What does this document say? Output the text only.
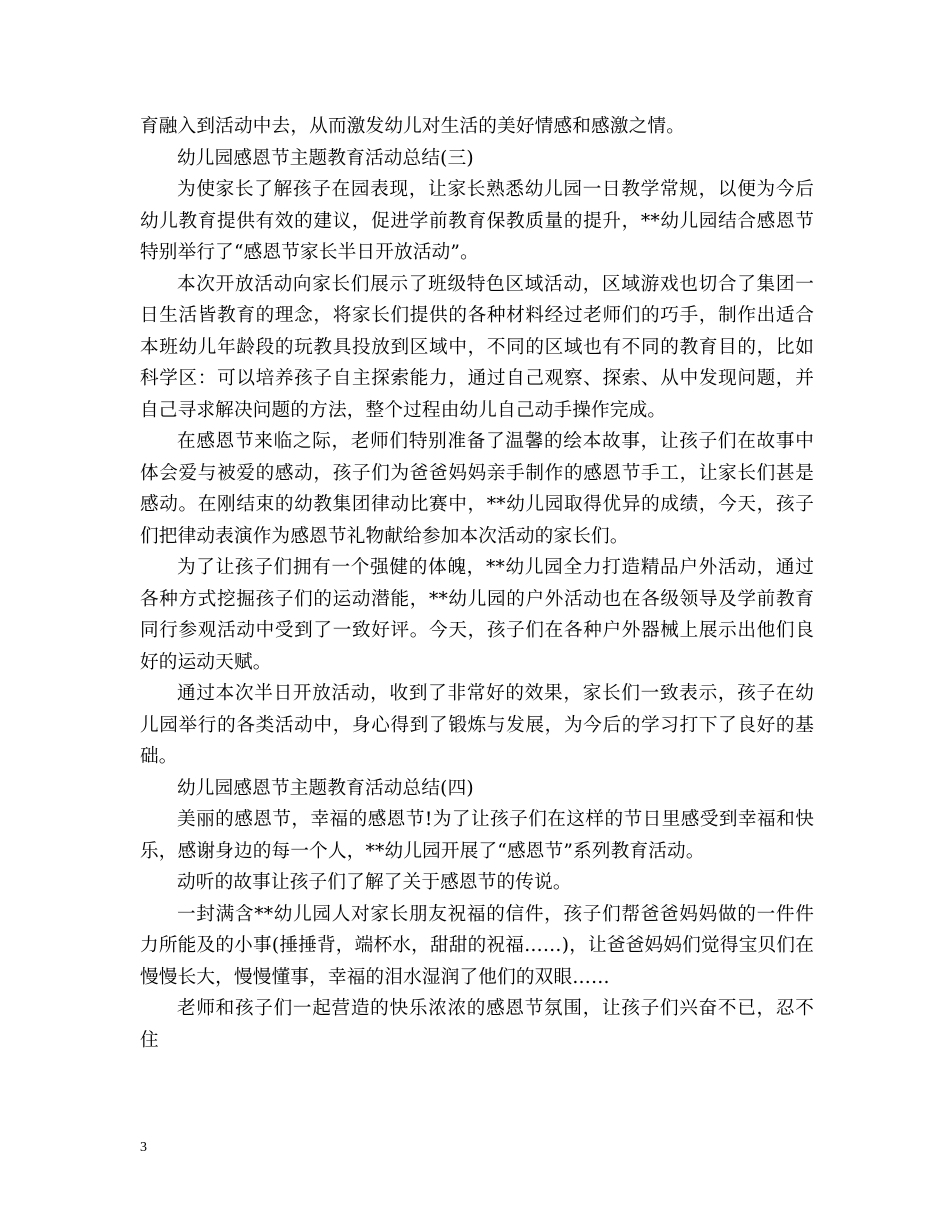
育融入到活动中去，从而激发幼儿对生活的美好情感和感激之情。

幼儿园感恩节主题教育活动总结(三)

为使家长了解孩子在园表现，让家长熟悉幼儿园一日教学常规，以便为今后幼儿教育提供有效的建议，促进学前教育保教质量的提升，**幼儿园结合感恩节特别举行了“感恩节家长半日开放活动”。

本次开放活动向家长们展示了班级特色区域活动，区域游戏也切合了集团一日生活皆教育的理念，将家长们提供的各种材料经过老师们的巧手，制作出适合本班幼儿年龄段的玩教具投放到区域中，不同的区域也有不同的教育目的，比如科学区：可以培养孩子自主探索能力，通过自己观察、探索、从中发现问题，并自己寻求解决问题的方法，整个过程由幼儿自己动手操作完成。

在感恩节来临之际，老师们特别准备了温馨的绘本故事，让孩子们在故事中体会爱与被爱的感动，孩子们为爸爸妈妈亲手制作的感恩节手工，让家长们甚是感动。在刚结束的幼教集团律动比赛中，**幼儿园取得优异的成绩，今天，孩子们把律动表演作为感恩节礼物献给参加本次活动的家长们。

为了让孩子们拥有一个强健的体魄，**幼儿园全力打造精品户外活动，通过各种方式挖掘孩子们的运动潜能，**幼儿园的户外活动也在各级领导及学前教育同行参观活动中受到了一致好评。今天，孩子们在各种户外器械上展示出他们良好的运动天赋。

通过本次半日开放活动，收到了非常好的效果，家长们一致表示，孩子在幼儿园举行的各类活动中，身心得到了锻炼与发展，为今后的学习打下了良好的基础。

幼儿园感恩节主题教育活动总结(四)

美丽的感恩节，幸福的感恩节!为了让孩子们在这样的节日里感受到幸福和快乐，感谢身边的每一个人，**幼儿园开展了“感恩节”系列教育活动。

动听的故事让孩子们了解了关于感恩节的传说。

一封满含**幼儿园人对家长朋友祝福的信件，孩子们帮爸爸妈妈做的一件件力所能及的小事(捶捶背，端杯水，甜甜的祝福……)，让爸爸妈妈们觉得宝贝们在慢慢长大，慢慢懂事，幸福的泪水湿润了他们的双眼……

老师和孩子们一起营造的快乐浓浓的感恩节氛围，让孩子们兴奋不已，忍不住

3
